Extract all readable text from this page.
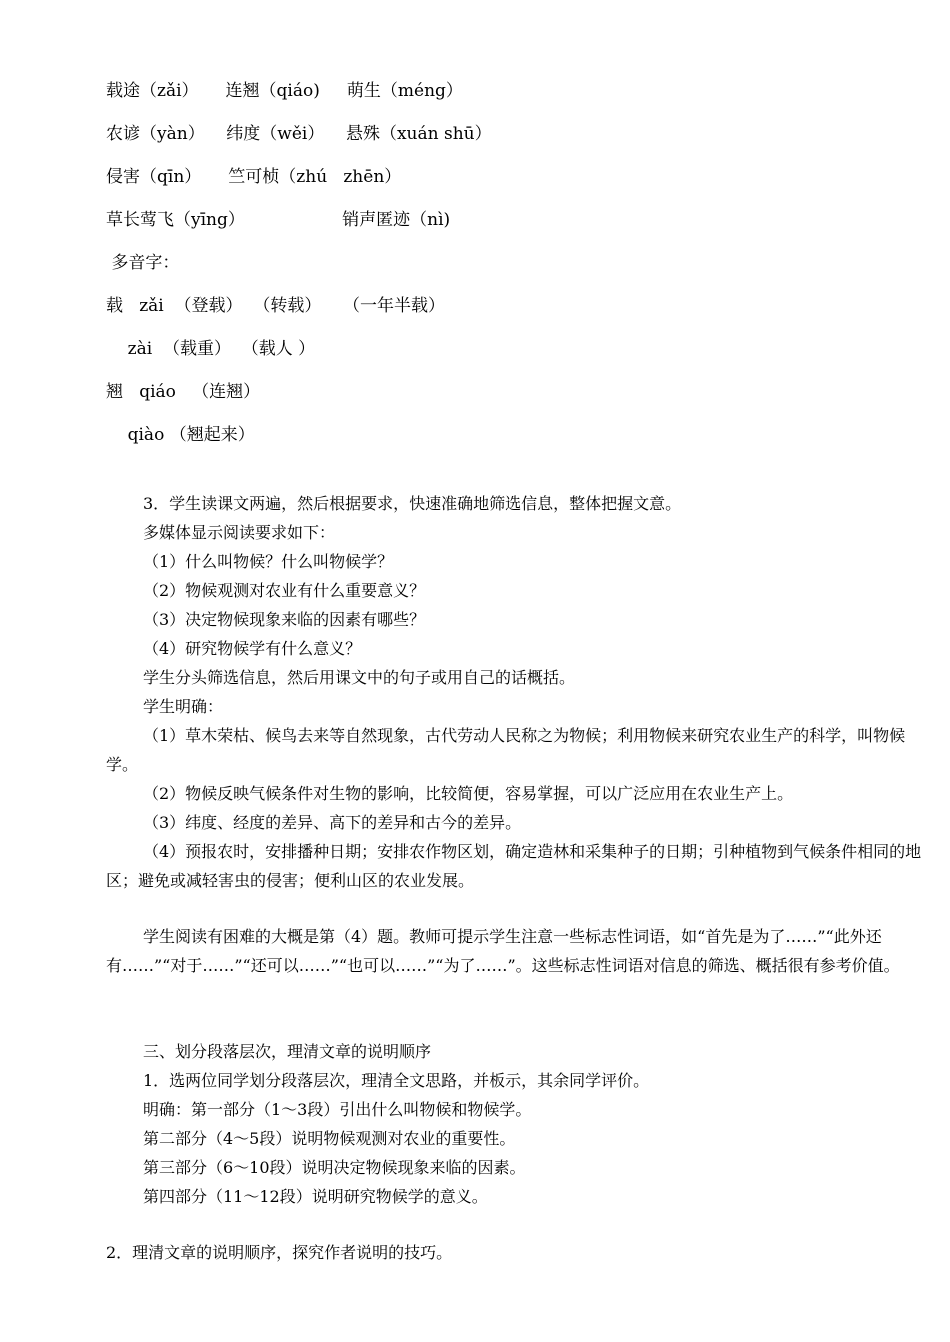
载途（zǎi）     连翘（qiáo)     萌生（méng）
农谚（yàn）    纬度（wěi）    悬殊（xuán shū）
侵害（qīn）     竺可桢（zhú   zhēn）
草长莺飞（yīng）                  销声匿迹（nì)
多音字：
载   zǎi  （登载）  （转载）    （一年半载）
zài  （载重）  （载人 ）
翘   qiáo   （连翘）
qiào （翘起来）
3．学生读课文两遍，然后根据要求，快速准确地筛选信息，整体把握文意。
多媒体显示阅读要求如下：
（1）什么叫物候？什么叫物候学？
（2）物候观测对农业有什么重要意义？
（3）决定物候现象来临的因素有哪些？
（4）研究物候学有什么意义？
学生分头筛选信息，然后用课文中的句子或用自己的话概括。
学生明确：
（1）草木荣枯、候鸟去来等自然现象，古代劳动人民称之为物候；利用物候来研究农业生产的科学，叫物候学。
（2）物候反映气候条件对生物的影响，比较简便，容易掌握，可以广泛应用在农业生产上。
（3）纬度、经度的差异、高下的差异和古今的差异。
（4）预报农时，安排播种日期；安排农作物区划，确定造林和采集种子的日期；引种植物到气候条件相同的地区；避免或减轻害虫的侵害；便利山区的农业发展。
学生阅读有困难的大概是第（4）题。教师可提示学生注意一些标志性词语，如“首先是为了……”“此外还有……”“对于……”“还可以……”“也可以……”“为了……”。这些标志性词语对信息的筛选、概括很有参考价值。
三、划分段落层次，理清文章的说明顺序
1．选两位同学划分段落层次，理清全文思路，并板示，其余同学评价。
明确：第一部分（1～3段）引出什么叫物候和物候学。
第二部分（4～5段）说明物候观测对农业的重要性。
第三部分（6～10段）说明决定物候现象来临的因素。
第四部分（11～12段）说明研究物候学的意义。
2．理清文章的说明顺序，探究作者说明的技巧。
